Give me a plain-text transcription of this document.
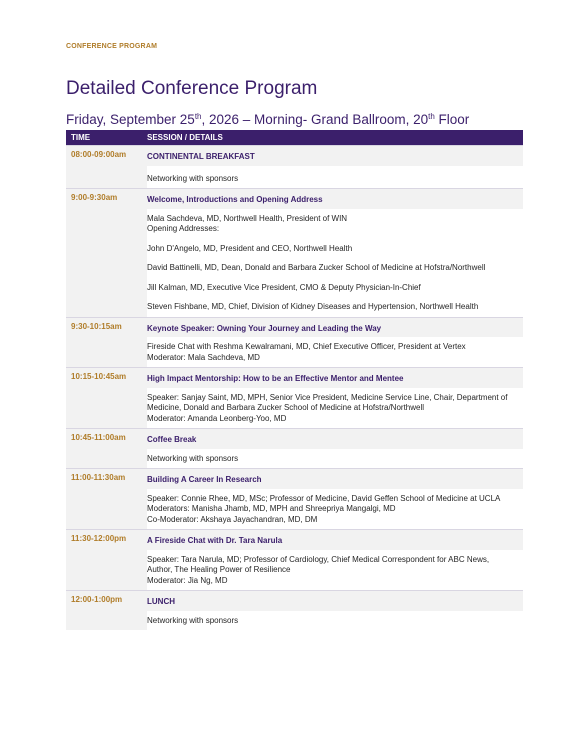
CONFERENCE PROGRAM
Detailed Conference Program
Friday, September 25th, 2026 – Morning- Grand Ballroom, 20th Floor
TIME	SESSION / DETAILS
08:00-09:00am	CONTINENTAL BREAKFAST
Networking with sponsors
9:00-9:30am	Welcome, Introductions and Opening Address
Mala Sachdeva, MD, Northwell Health, President of WIN
Opening Addresses:
John D'Angelo, MD, President and CEO, Northwell Health
David Battinelli, MD, Dean, Donald and Barbara Zucker School of Medicine at Hofstra/Northwell
Jill Kalman, MD, Executive Vice President, CMO & Deputy Physician-In-Chief
Steven Fishbane, MD, Chief, Division of Kidney Diseases and Hypertension, Northwell Health
9:30-10:15am	Keynote Speaker: Owning Your Journey and Leading the Way
Fireside Chat with Reshma Kewalramani, MD, Chief Executive Officer, President at Vertex
Moderator: Mala Sachdeva, MD
10:15-10:45am	High Impact Mentorship: How to be an Effective Mentor and Mentee
Speaker: Sanjay Saint, MD, MPH, Senior Vice President, Medicine Service Line, Chair, Department of Medicine, Donald and Barbara Zucker School of Medicine at Hofstra/Northwell
Moderator: Amanda Leonberg-Yoo, MD
10:45-11:00am	Coffee Break
Networking with sponsors
11:00-11:30am	Building A Career In Research
Speaker: Connie Rhee, MD, MSc; Professor of Medicine, David Geffen School of Medicine at UCLA
Moderators: Manisha Jhamb, MD, MPH and Shreepriya Mangalgi, MD
Co-Moderator: Akshaya Jayachandran, MD, DM
11:30-12:00pm	A Fireside Chat with Dr. Tara Narula
Speaker: Tara Narula, MD; Professor of Cardiology, Chief Medical Correspondent for ABC News, Author, The Healing Power of Resilience
Moderator: Jia Ng, MD
12:00-1:00pm	LUNCH
Networking with sponsors
